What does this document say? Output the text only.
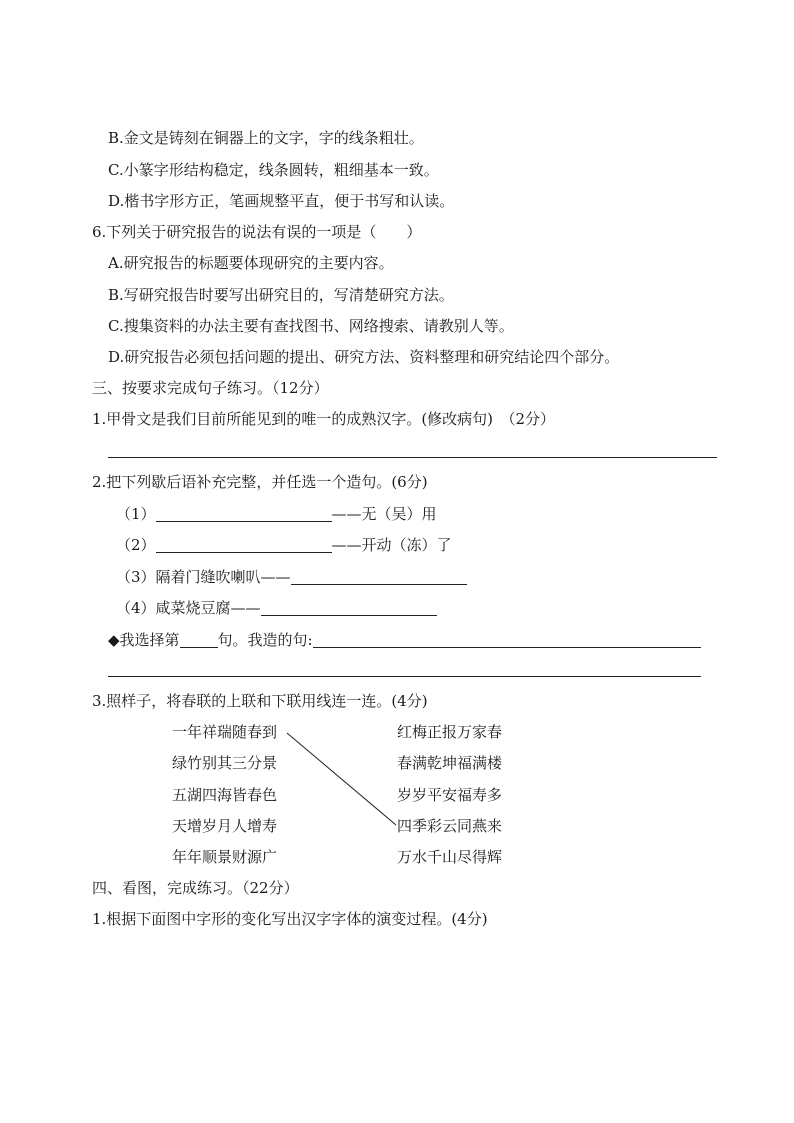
B.金文是铸刻在铜器上的文字，字的线条粗壮。
C.小篆字形结构稳定，线条圆转，粗细基本一致。
D.楷书字形方正，笔画规整平直，便于书写和认读。
6.下列关于研究报告的说法有误的一项是（　　）
A.研究报告的标题要体现研究的主要内容。
B.写研究报告时要写出研究目的，写清楚研究方法。
C.搜集资料的办法主要有查找图书、网络搜索、请教别人等。
D.研究报告必须包括问题的提出、研究方法、资料整理和研究结论四个部分。
三、按要求完成句子练习。（12分）
1.甲骨文是我们目前所能见到的唯一的成熟汉字。(修改病句)　（2分）
2.把下列歇后语补充完整，并任选一个造句。(6分)
（1）	——无（吴）用
（2）	——开动（冻）了
（3）隔着门缝吹喇叭——
（4）咸菜烧豆腐——
◆我选择第	句。我造的句:
3.照样子，将春联的上联和下联用线连一连。(4分)
一年祥瑞随春到
绿竹别其三分景
五湖四海皆春色
天增岁月人增寿
年年顺景财源广
红梅正报万家春
春满乾坤福满楼
岁岁平安福寿多
四季彩云同燕来
万水千山尽得辉
四、看图，完成练习。（22分）
1.根据下面图中字形的变化写出汉字字体的演变过程。(4分)
